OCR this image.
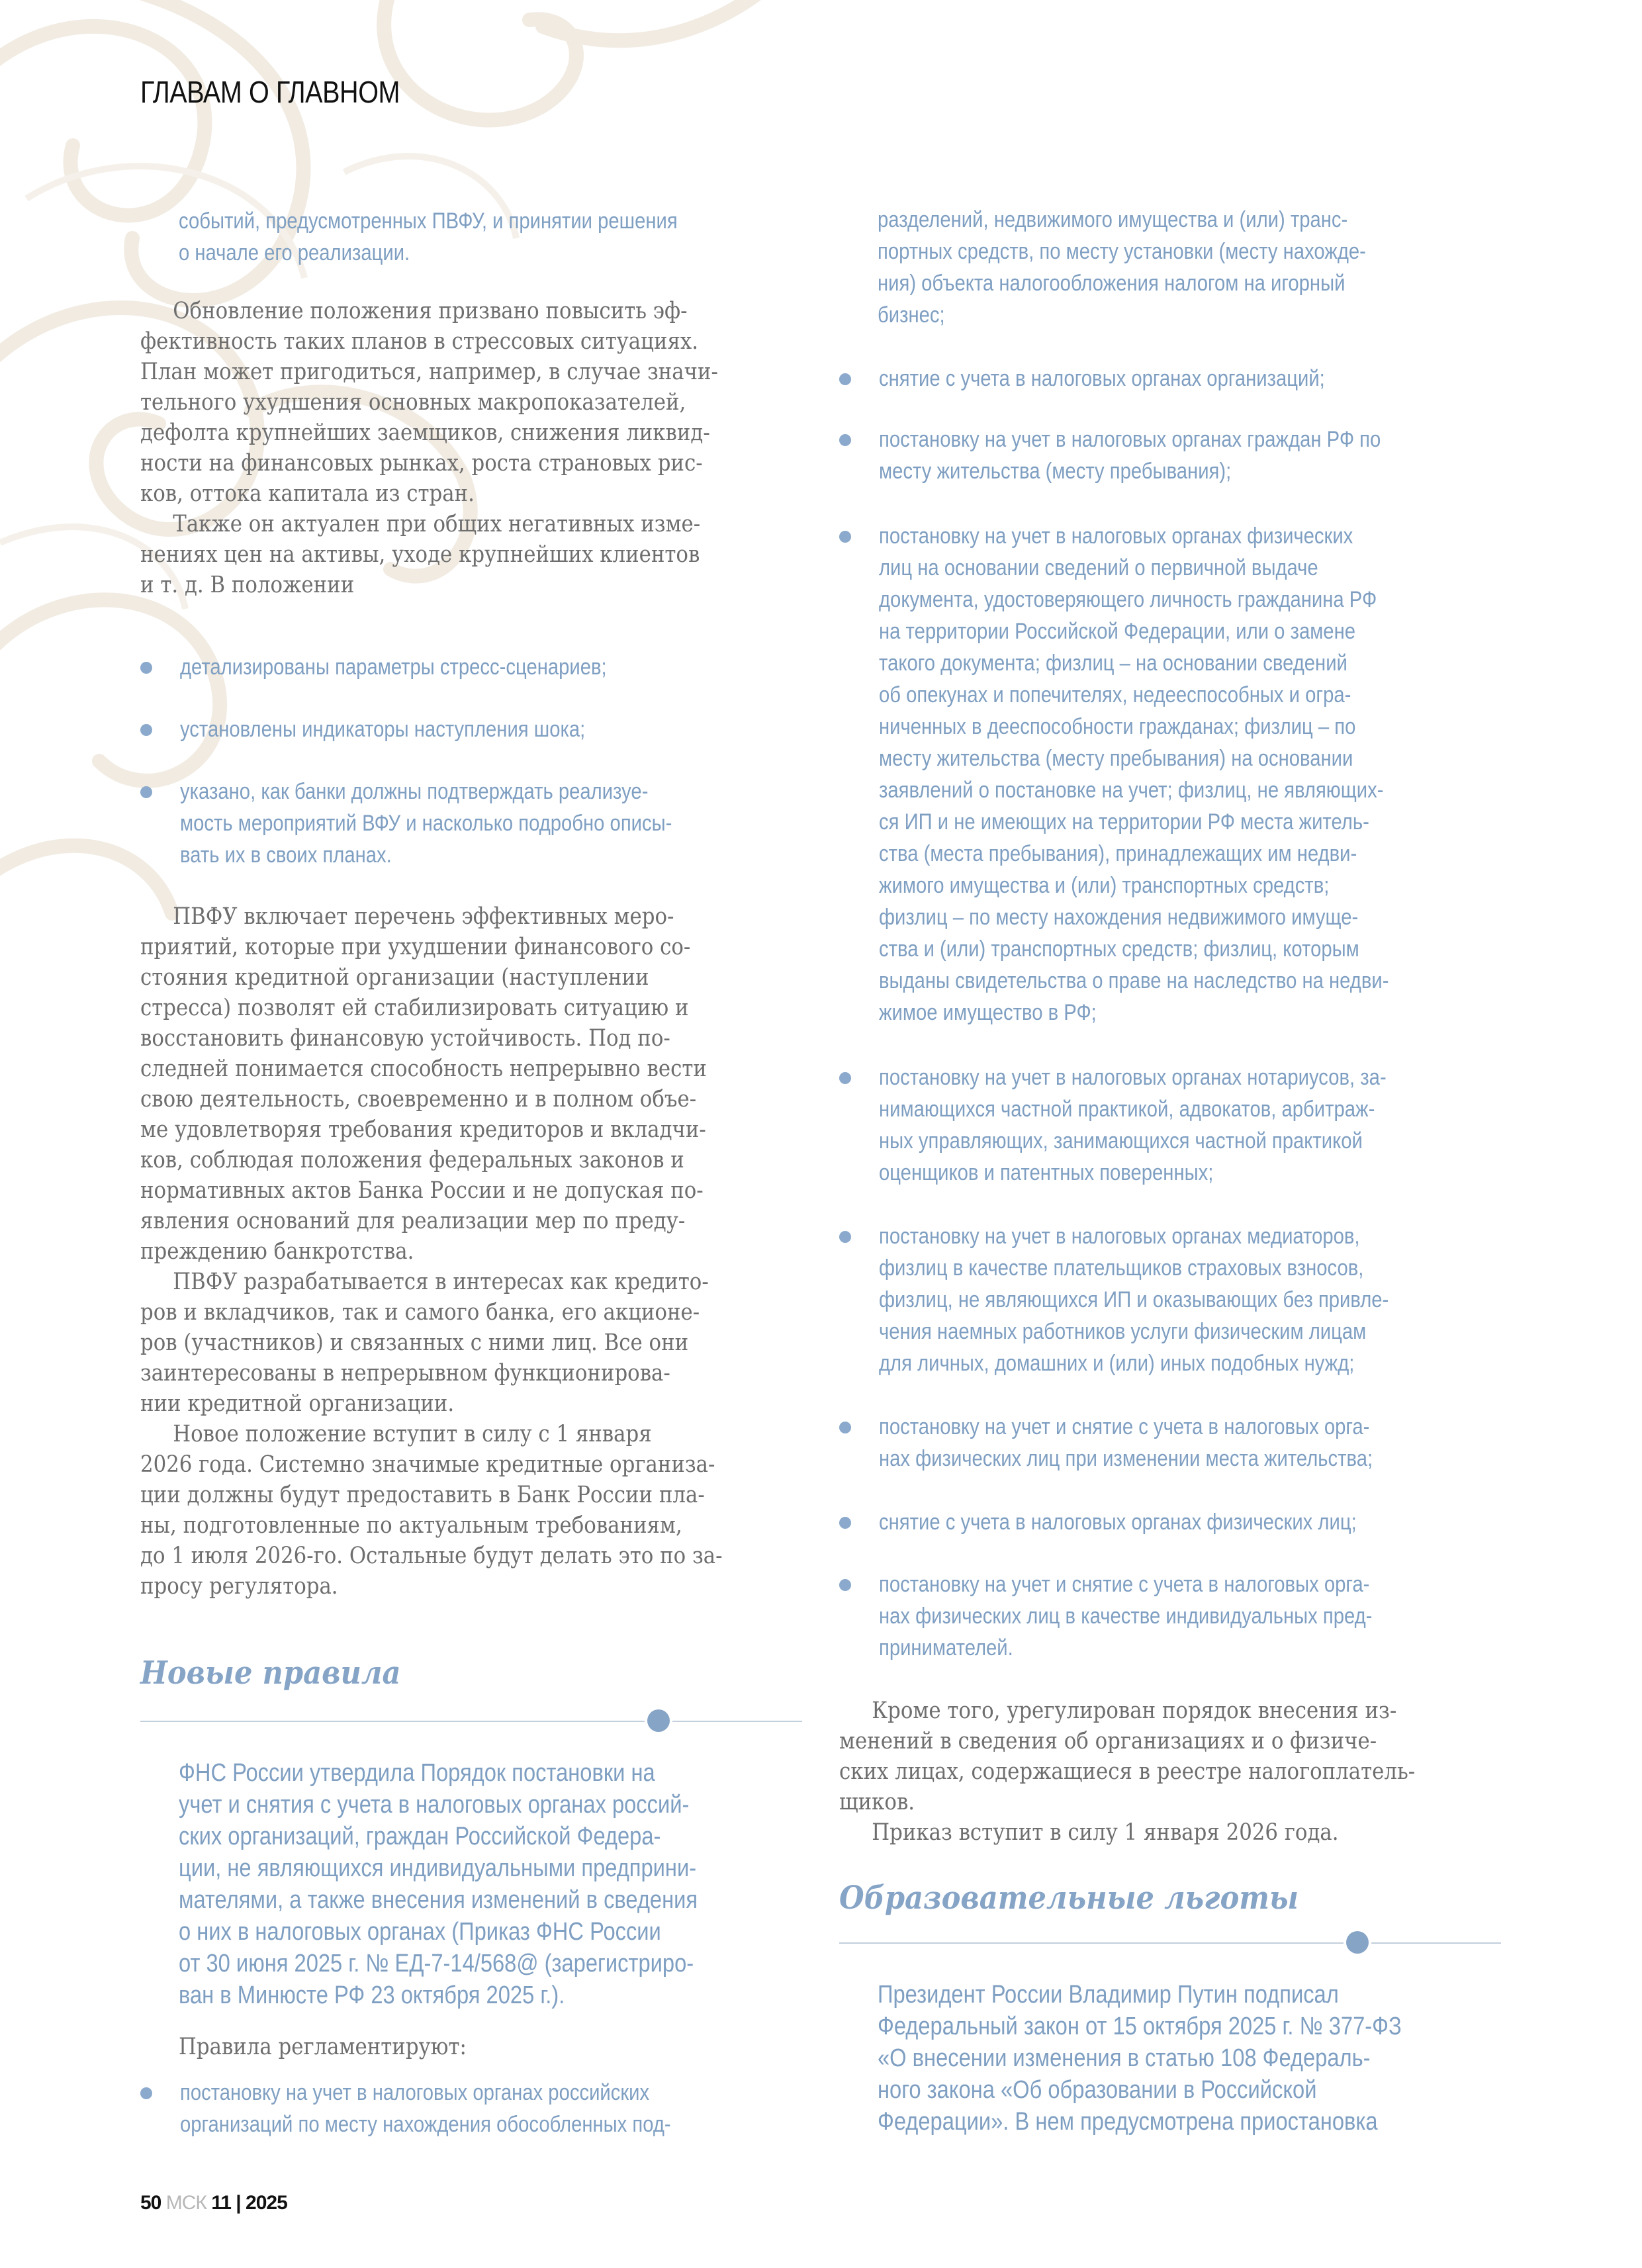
ГЛАВАМ О ГЛАВНОМ
событий, предусмотренных ПВФУ, и принятии решения
о начале его реализации.
Обновление положения призвано повысить эф-
фективность таких планов в стрессовых ситуациях.
План может пригодиться, например, в случае значи-
тельного ухудшения основных макропоказателей,
дефолта крупнейших заемщиков, снижения ликвид-
ности на финансовых рынках, роста страновых рис-
ков, оттока капитала из стран.
Также он актуален при общих негативных изме-
нениях цен на активы, уходе крупнейших клиентов
и т. д. В положении
детализированы параметры стресс-сценариев;
установлены индикаторы наступления шока;
указано, как банки должны подтверждать реализуе-
мость мероприятий ВФУ и насколько подробно описы-
вать их в своих планах.
ПВФУ включает перечень эффективных меро-
приятий, которые при ухудшении финансового со-
стояния кредитной организации (наступлении
стресса) позволят ей стабилизировать ситуацию и
восстановить финансовую устойчивость. Под по-
следней понимается способность непрерывно вести
свою деятельность, своевременно и в полном объе-
ме удовлетворяя требования кредиторов и вкладчи-
ков, соблюдая положения федеральных законов и
нормативных актов Банка России и не допуская по-
явления оснований для реализации мер по преду-
преждению банкротства.
ПВФУ разрабатывается в интересах как кредито-
ров и вкладчиков, так и самого банка, его акционе-
ров (участников) и связанных с ними лиц. Все они
заинтересованы в непрерывном функционирова-
нии кредитной организации.
Новое положение вступит в силу с 1 января
2026 года. Системно значимые кредитные организа-
ции должны будут предоставить в Банк России пла-
ны, подготовленные по актуальным требованиям,
до 1 июля 2026-го. Остальные будут делать это по за-
просу регулятора.
Новые правила
ФНС России утвердила Порядок постановки на
учет и снятия с учета в налоговых органах россий-
ских организаций, граждан Российской Федера-
ции, не являющихся индивидуальными предприни-
мателями, а также внесения изменений в сведения
о них в налоговых органах (Приказ ФНС России
от 30 июня 2025 г. № ЕД-7-14/568@ (зарегистриро-
ван в Минюсте РФ 23 октября 2025 г.).
Правила регламентируют:
постановку на учет в налоговых органах российских
организаций по месту нахождения обособленных под-
разделений, недвижимого имущества и (или) транс-
портных средств, по месту установки (месту нахожде-
ния) объекта налогообложения налогом на игорный
бизнес;
снятие с учета в налоговых органах организаций;
постановку на учет в налоговых органах граждан РФ по
месту жительства (месту пребывания);
постановку на учет в налоговых органах физических
лиц на основании сведений о первичной выдаче
документа, удостоверяющего личность гражданина РФ
на территории Российской Федерации, или о замене
такого документа; физлиц – на основании сведений
об опекунах и попечителях, недееспособных и огра-
ниченных в дееспособности гражданах; физлиц – по
месту жительства (месту пребывания) на основании
заявлений о постановке на учет; физлиц, не являющих-
ся ИП и не имеющих на территории РФ места житель-
ства (места пребывания), принадлежащих им недви-
жимого имущества и (или) транспортных средств;
физлиц – по месту нахождения недвижимого имуще-
ства и (или) транспортных средств; физлиц, которым
выданы свидетельства о праве на наследство на недви-
жимое имущество в РФ;
постановку на учет в налоговых органах нотариусов, за-
нимающихся частной практикой, адвокатов, арбитраж-
ных управляющих, занимающихся частной практикой
оценщиков и патентных поверенных;
постановку на учет в налоговых органах медиаторов,
физлиц в качестве плательщиков страховых взносов,
физлиц, не являющихся ИП и оказывающих без привле-
чения наемных работников услуги физическим лицам
для личных, домашних и (или) иных подобных нужд;
постановку на учет и снятие с учета в налоговых орга-
нах физических лиц при изменении места жительства;
снятие с учета в налоговых органах физических лиц;
постановку на учет и снятие с учета в налоговых орга-
нах физических лиц в качестве индивидуальных пред-
принимателей.
Кроме того, урегулирован порядок внесения из-
менений в сведения об организациях и о физиче-
ских лицах, содержащиеся в реестре налогоплатель-
щиков.
Приказ вступит в силу 1 января 2026 года.
Образовательные льготы
Президент России Владимир Путин подписал
Федеральный закон от 15 октября 2025 г. № 377-ФЗ
«О внесении изменения в статью 108 Федераль-
ного закона «Об образовании в Российской
Федерации». В нем предусмотрена приостановка
50 МСК 11 | 2025
